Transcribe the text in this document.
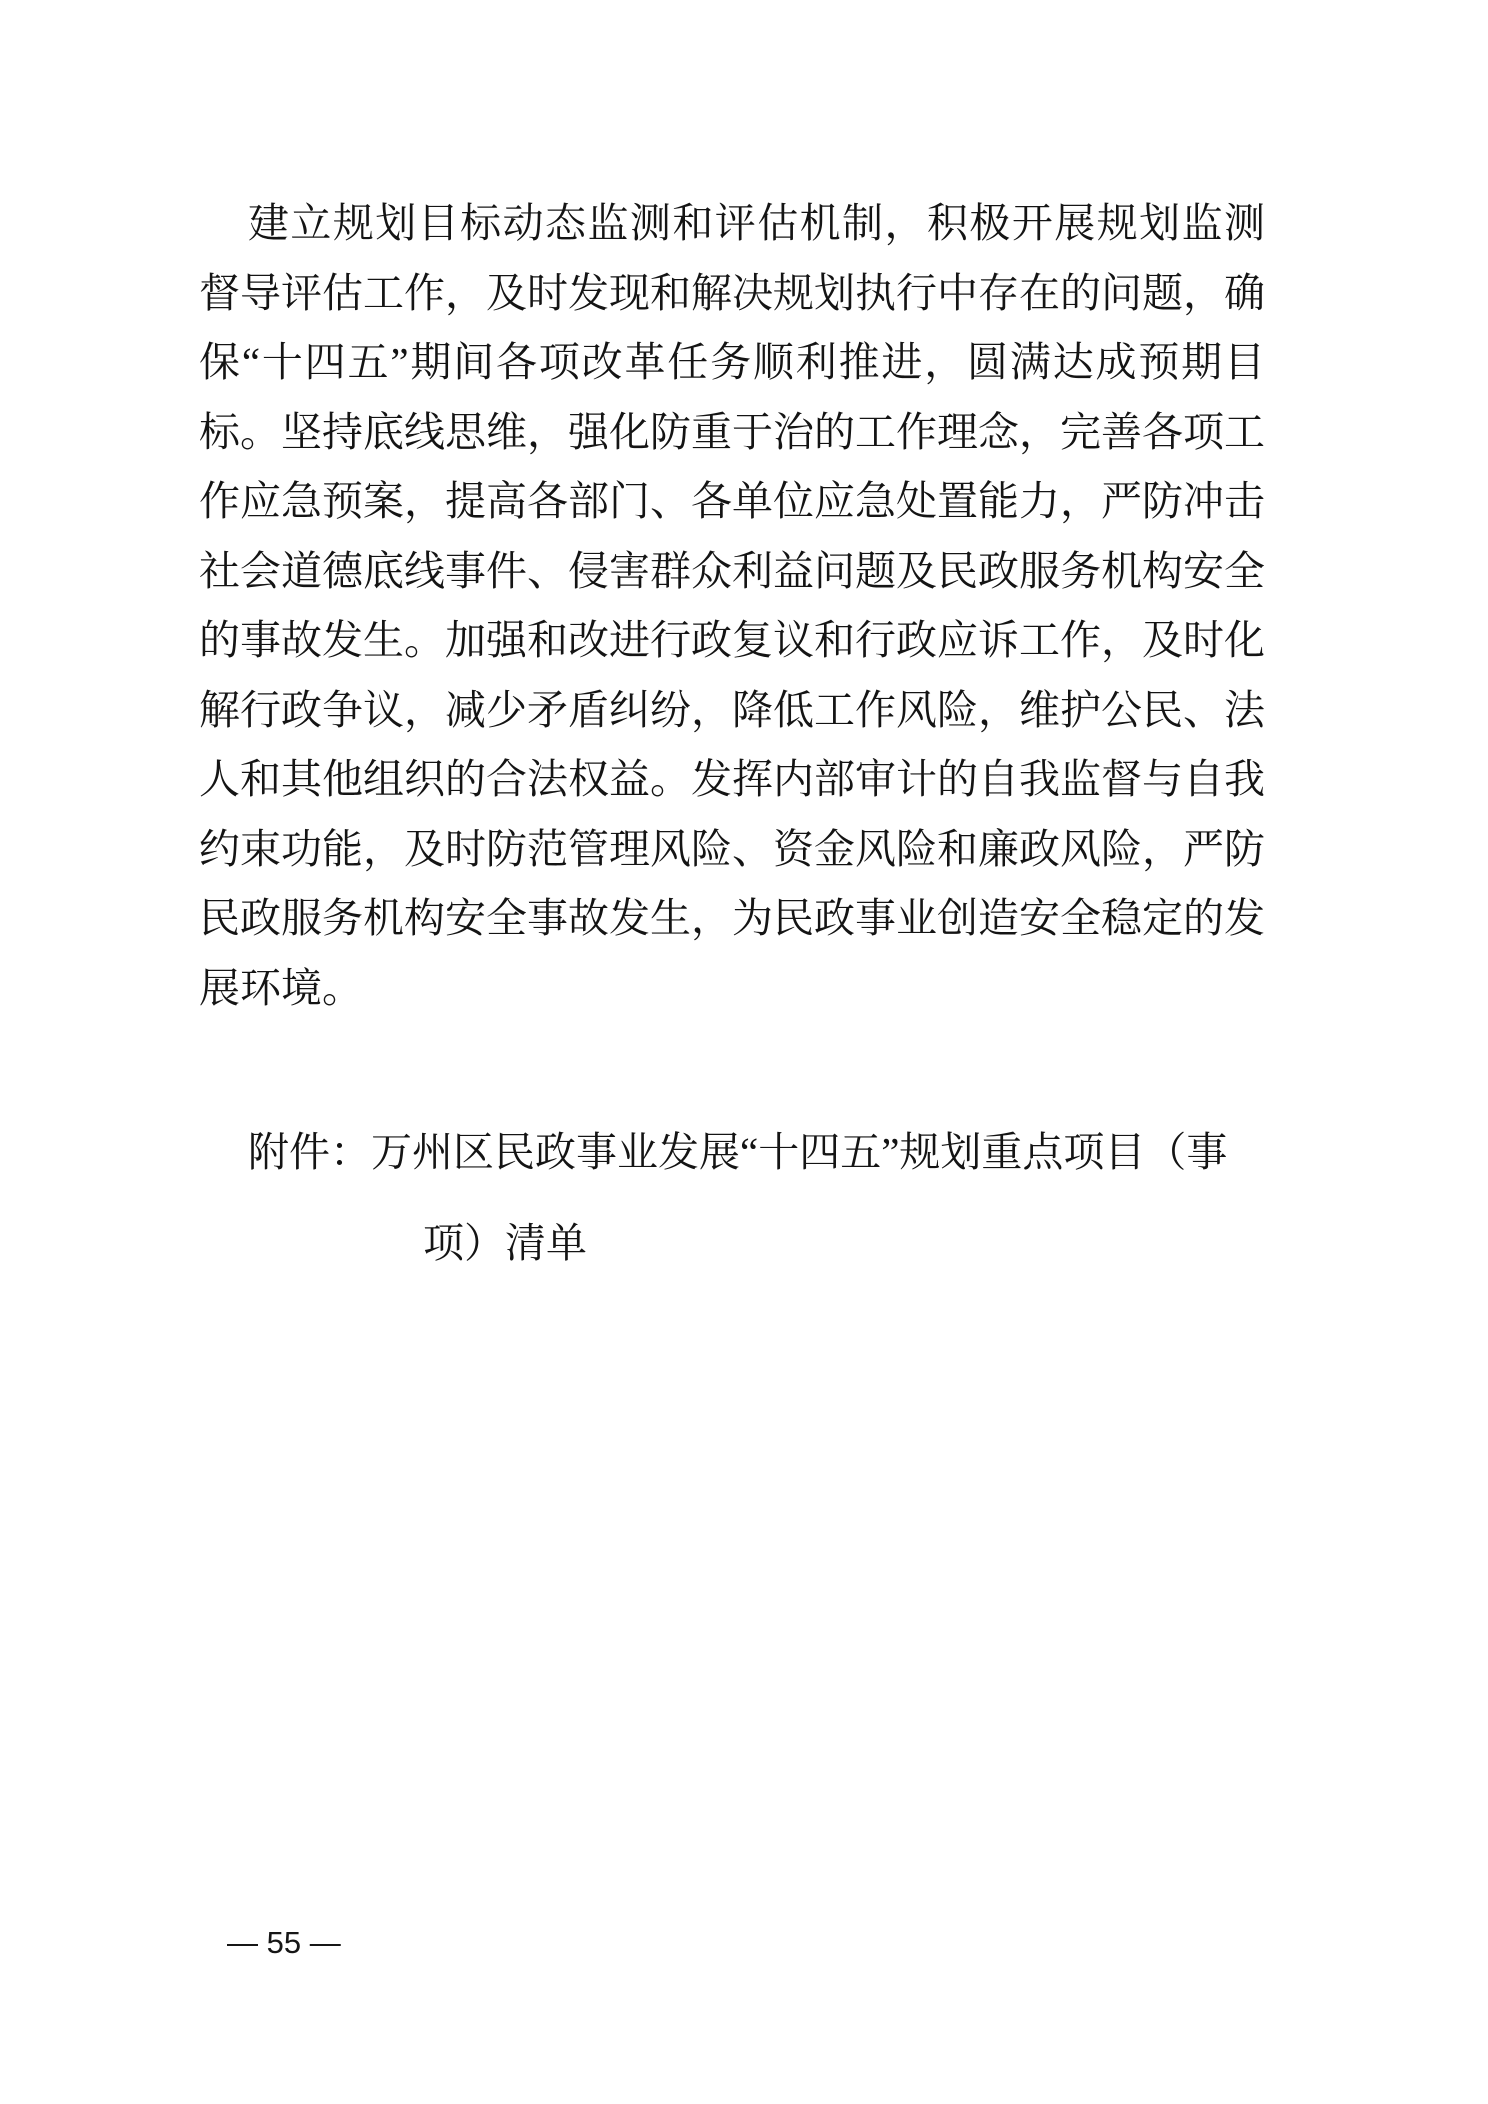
建立规划目标动态监测和评估机制，积极开展规划监测
督导评估工作，及时发现和解决规划执行中存在的问题，确
保“十四五”期间各项改革任务顺利推进，圆满达成预期目
标。坚持底线思维，强化防重于治的工作理念，完善各项工
作应急预案，提高各部门、各单位应急处置能力，严防冲击
社会道德底线事件、侵害群众利益问题及民政服务机构安全
的事故发生。加强和改进行政复议和行政应诉工作，及时化
解行政争议，减少矛盾纠纷，降低工作风险，维护公民、法
人和其他组织的合法权益。发挥内部审计的自我监督与自我
约束功能，及时防范管理风险、资金风险和廉政风险，严防
民政服务机构安全事故发生，为民政事业创造安全稳定的发
展环境。
附件：万州区民政事业发展“十四五”规划重点项目（事
项）清单
— 55 —
